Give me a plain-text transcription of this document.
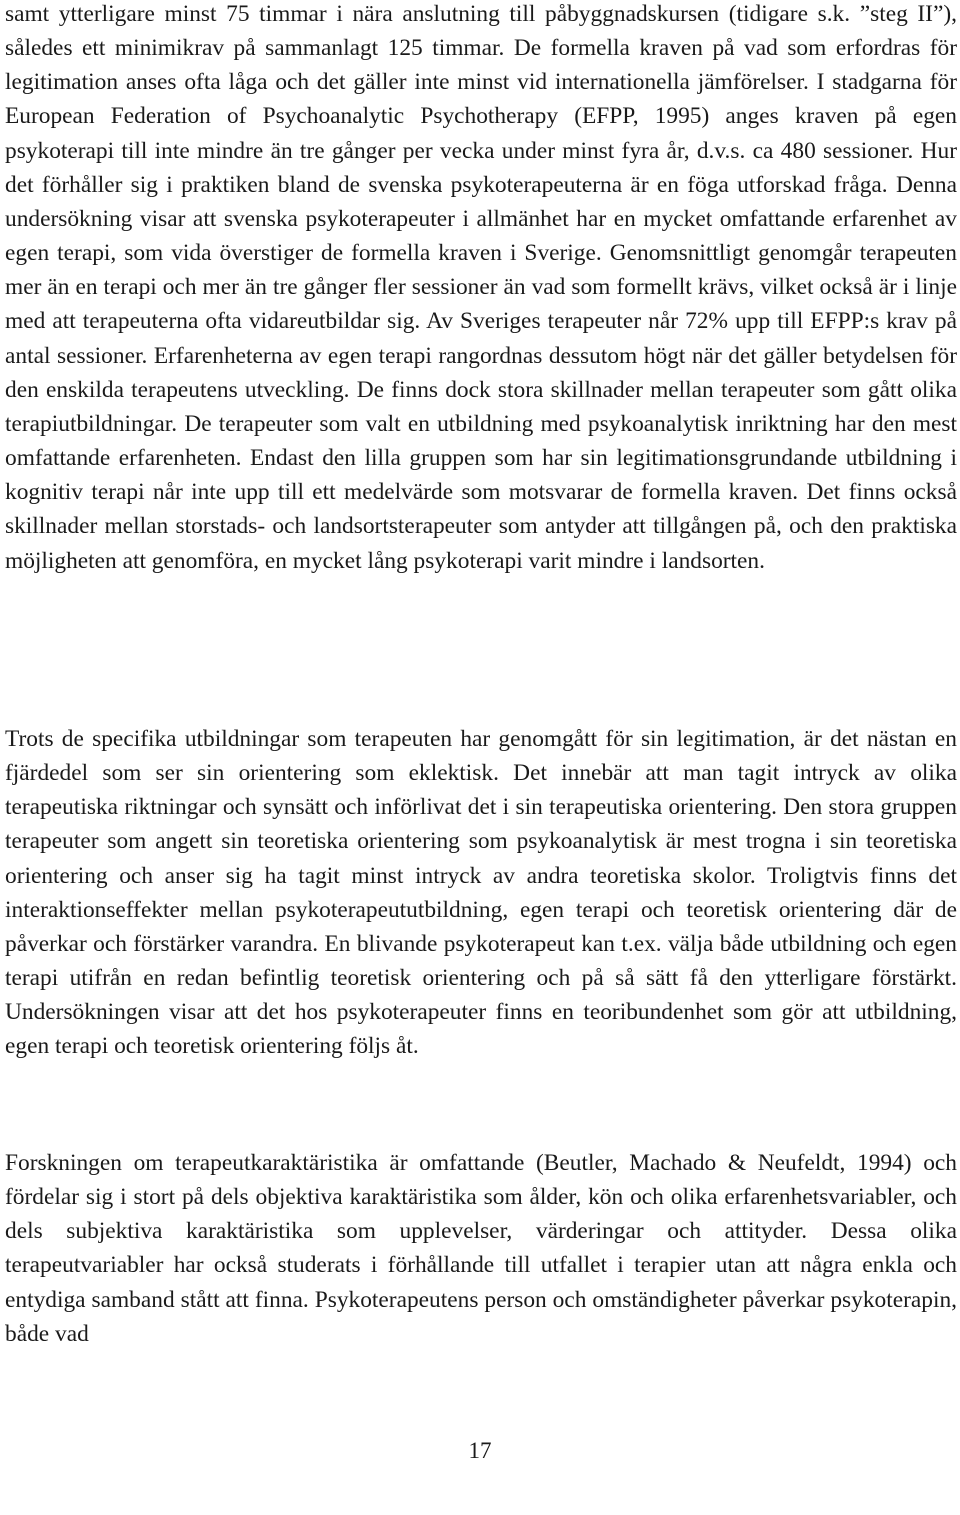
samt ytterligare minst 75 timmar i nära anslutning till påbyggnadskursen (tidigare s.k. ”steg II”), således ett minimikrav på sammanlagt 125 timmar. De formella kraven på vad som erfordras för legitimation anses ofta låga och det gäller inte minst vid internationella jämförelser. I stadgarna för European Federation of Psychoanalytic Psychotherapy (EFPP, 1995) anges kraven på egen psykoterapi till inte mindre än tre gånger per vecka under minst fyra år, d.v.s. ca 480 sessioner. Hur det förhåller sig i praktiken bland de svenska psykoterapeuterna är en föga utforskad fråga. Denna undersökning visar att svenska psykoterapeuter i allmänhet har en mycket omfattande erfarenhet av egen terapi, som vida överstiger de formella kraven i Sverige. Genomsnittligt genomgår terapeuten mer än en terapi och mer än tre gånger fler sessioner än vad som formellt krävs, vilket också är i linje med att terapeuterna ofta vidareutbildar sig. Av Sveriges terapeuter når 72% upp till EFPP:s krav på antal sessioner. Erfarenheterna av egen terapi rangordnas dessutom högt när det gäller betydelsen för den enskilda terapeutens utveckling. De finns dock stora skillnader mellan terapeuter som gått olika terapiutbildningar. De terapeuter som valt en utbildning med psykoanalytisk inriktning har den mest omfattande erfarenheten. Endast den lilla gruppen som har sin legitimationsgrundande utbildning i kognitiv terapi når inte upp till ett medelvärde som motsvarar de formella kraven. Det finns också skillnader mellan storstads- och landsortsterapeuter som antyder att tillgången på, och den praktiska möjligheten att genomföra, en mycket lång psykoterapi varit mindre i landsorten.

Trots de specifika utbildningar som terapeuten har genomgått för sin legitimation, är det nästan en fjärdedel som ser sin orientering som eklektisk. Det innebär att man tagit intryck av olika terapeutiska riktningar och synsätt och införlivat det i sin terapeutiska orientering. Den stora gruppen terapeuter som angett sin teoretiska orientering som psykoanalytisk är mest trogna i sin teoretiska orientering och anser sig ha tagit minst intryck av andra teoretiska skolor. Troligtvis finns det interaktionseffekter mellan psykoterapeututbildning, egen terapi och teoretisk orientering där de påverkar och förstärker varandra. En blivande psykoterapeut kan t.ex. välja både utbildning och egen terapi utifrån en redan befintlig teoretisk orientering och på så sätt få den ytterligare förstärkt. Undersökningen visar att det hos psykoterapeuter finns en teoribundenhet som gör att utbildning, egen terapi och teoretisk orientering följs åt.

Forskningen om terapeutkaraktäristika är omfattande (Beutler, Machado & Neufeldt, 1994) och fördelar sig i stort på dels objektiva karaktäristika som ålder, kön och olika erfarenhetsvariabler, och dels subjektiva karaktäristika som upplevelser, värderingar och attityder. Dessa olika terapeutvariabler har också studerats i förhållande till utfallet i terapier utan att några enkla och entydiga samband stått att finna. Psykoterapeutens person och omständigheter påverkar psykoterapin, både vad

17
